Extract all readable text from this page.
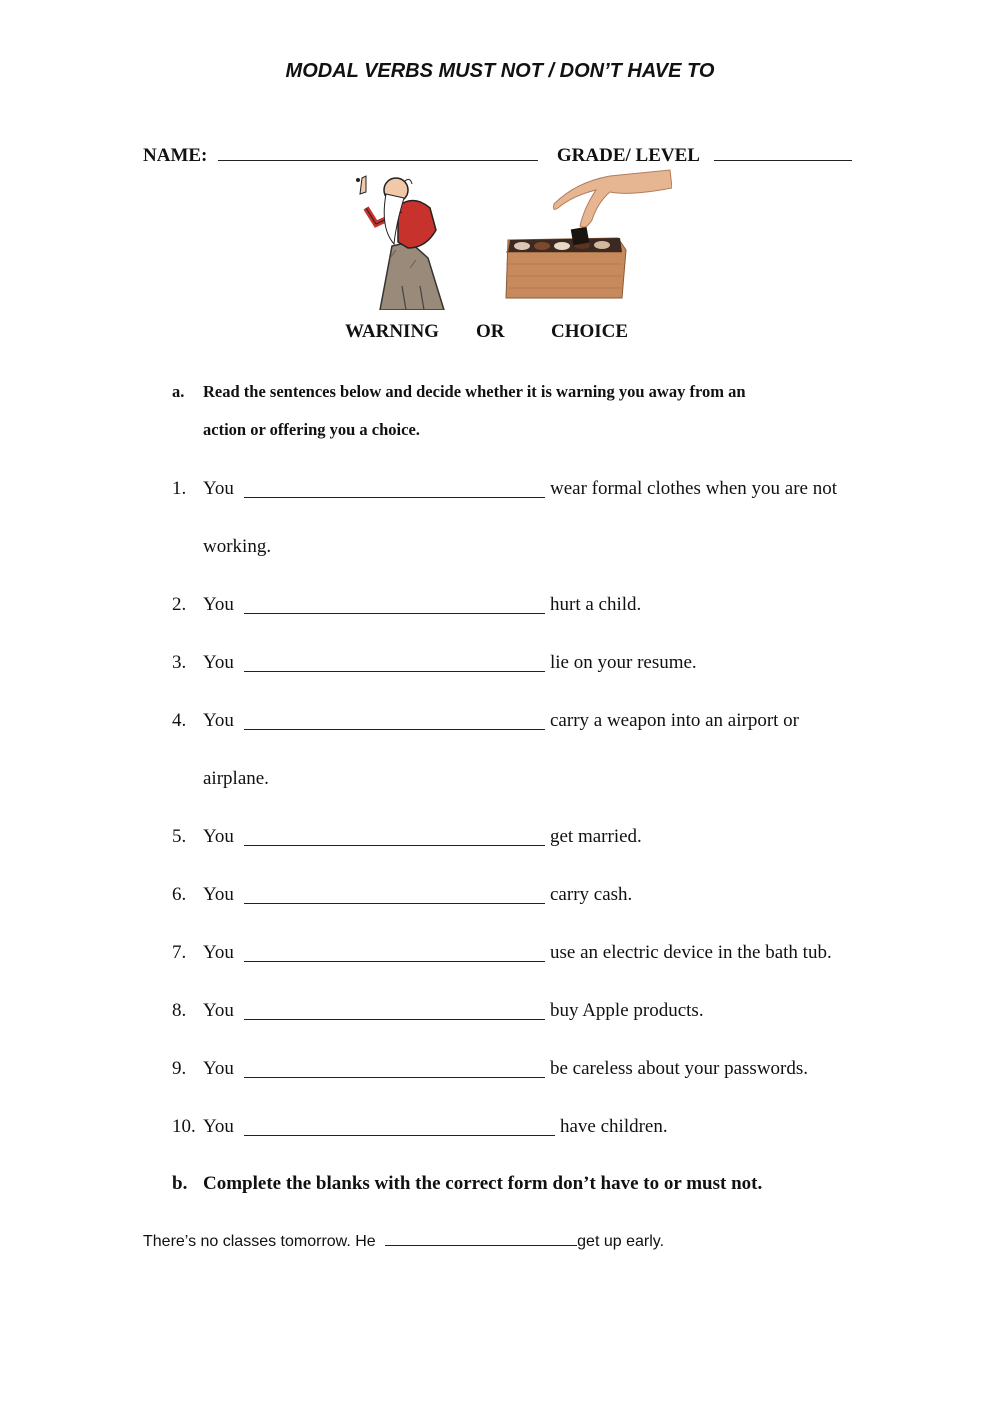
MODAL VERBS MUST NOT / DON’T HAVE TO
NAME:	GRADE/ LEVEL
WARNING OR CHOICE
a. Read the sentences below and decide whether it is warning you away from an
action or offering you a choice.
1. You	wear formal clothes when you are not
working.
2. You	hurt a child.
3. You	lie on your resume.
4. You	carry a weapon into an airport or
airplane.
5. You	get married.
6. You	carry cash.
7. You	use an electric device in the bath tub.
8. You	buy Apple products.
9. You	be careless about your passwords.
10. You	have children.
b. Complete the blanks with the correct form don’t have to or must not.
There’s no classes tomorrow. He	get up early.
